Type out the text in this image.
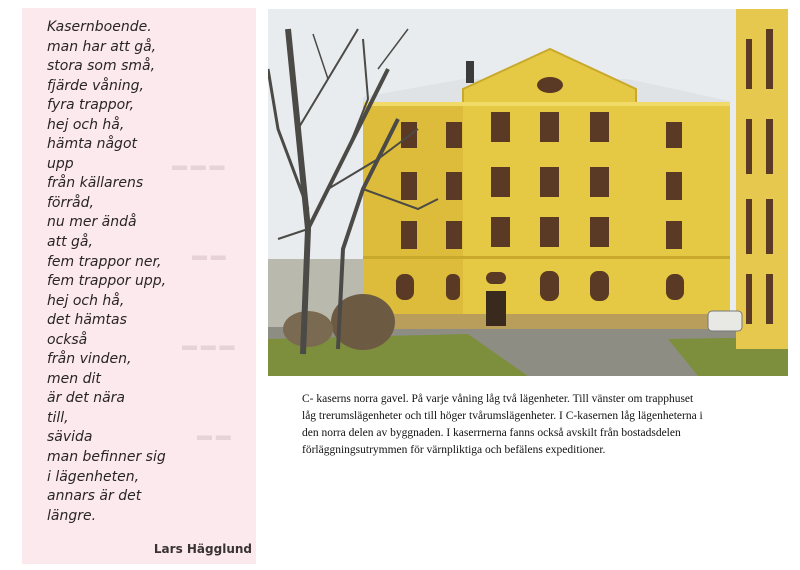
▬ ▬ ▬
▬ ▬
▬ ▬ ▬
▬ ▬
Kasernboende.
man har att gå,
stora som små,
fjärde våning,
fyra trappor,
hej och hå,
hämta något
upp
från källarens
förråd,
nu mer ändå
att gå,
fem trappor ner,
fem trappor upp,
hej och hå,
det hämtas
också
från vinden,
men dit
är det nära
till,
sävida
man befinner sig
i lägenheten,
annars är det
längre.
Lars Hägglund

C- kaserns norra gavel. På varje våning låg två lägenheter. Till vänster om trapphuset

låg trerumslägenheter och till höger tvårumslägenheter. I C-kasernen låg lägenheterna i

den norra delen av byggnaden. I kaserrnerna fanns också avskilt från bostadsdelen

förläggningsutrymmen för värnpliktiga och befälens expeditioner.
